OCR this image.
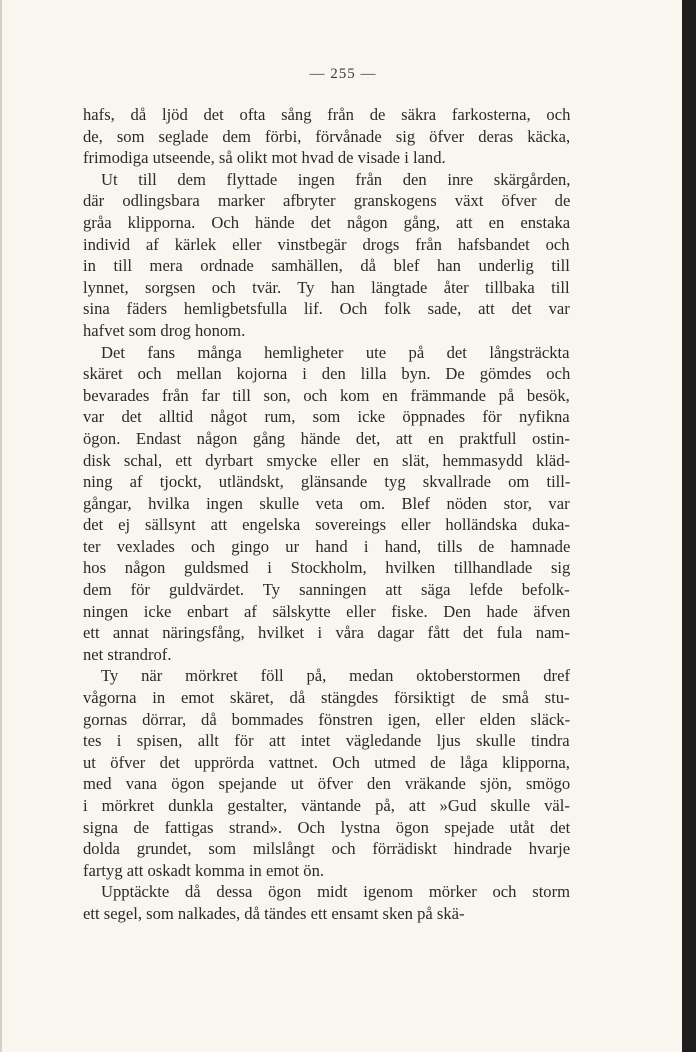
— 255 —
hafs, då ljöd det ofta sång från de säkra farkosterna, och
de, som seglade dem förbi, förvånade sig öfver deras käcka,
frimodiga utseende, så olikt mot hvad de visade i land.
Ut till dem flyttade ingen från den inre skärgården,
där odlingsbara marker afbryter granskogens växt öfver de
gråa klipporna. Och hände det någon gång, att en enstaka
individ af kärlek eller vinstbegär drogs från hafsbandet och
in till mera ordnade samhällen, då blef han underlig till
lynnet, sorgsen och tvär. Ty han längtade åter tillbaka till
sina fäders hemligbetsfulla lif. Och folk sade, att det var
hafvet som drog honom.
Det fans många hemligheter ute på det långsträckta
skäret och mellan kojorna i den lilla byn. De gömdes och
bevarades från far till son, och kom en främmande på besök,
var det alltid något rum, som icke öppnades för nyfikna
ögon. Endast någon gång hände det, att en praktfull ostin-
disk schal, ett dyrbart smycke eller en slät, hemmasydd kläd-
ning af tjockt, utländskt, glänsande tyg skvallrade om till-
gångar, hvilka ingen skulle veta om. Blef nöden stor, var
det ej sällsynt att engelska sovereings eller holländska duka-
ter vexlades och gingo ur hand i hand, tills de hamnade
hos någon guldsmed i Stockholm, hvilken tillhandlade sig
dem för guldvärdet. Ty sanningen att säga lefde befolk-
ningen icke enbart af sälskytte eller fiske. Den hade äfven
ett annat näringsfång, hvilket i våra dagar fått det fula nam-
net strandrof.
Ty när mörkret föll på, medan oktoberstormen dref
vågorna in emot skäret, då stängdes försiktigt de små stu-
gornas dörrar, då bommades fönstren igen, eller elden släck-
tes i spisen, allt för att intet vägledande ljus skulle tindra
ut öfver det upprörda vattnet. Och utmed de låga klipporna,
med vana ögon spejande ut öfver den vräkande sjön, smögo
i mörkret dunkla gestalter, väntande på, att »Gud skulle väl-
signa de fattigas strand». Och lystna ögon spejade utåt det
dolda grundet, som milslångt och förrädiskt hindrade hvarje
fartyg att oskadt komma in emot ön.
Upptäckte då dessa ögon midt igenom mörker och storm
ett segel, som nalkades, då tändes ett ensamt sken på skä-
